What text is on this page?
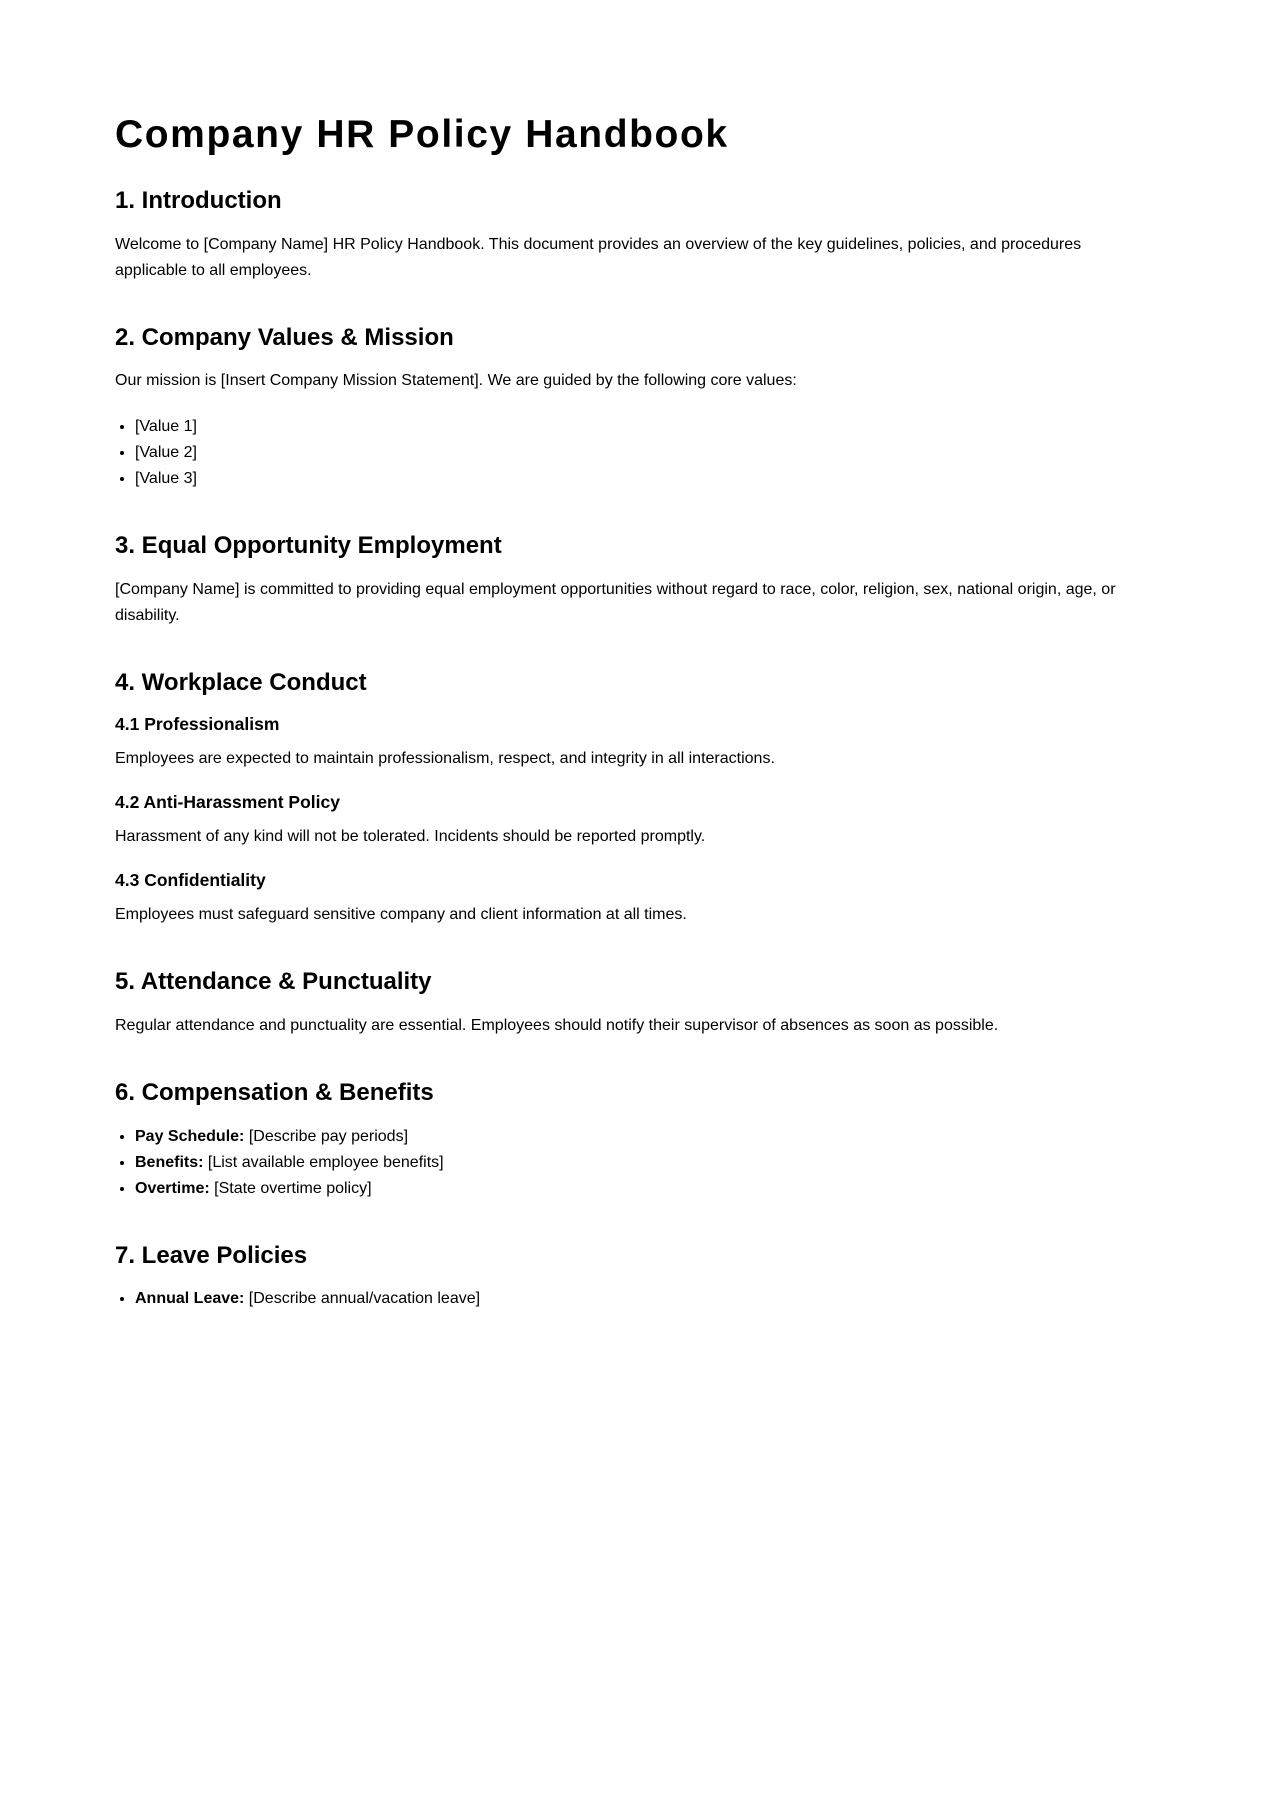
Company HR Policy Handbook
1. Introduction

Welcome to [Company Name] HR Policy Handbook. This document provides an overview of the key guidelines, policies, and procedures applicable to all employees.

2. Company Values & Mission

Our mission is [Insert Company Mission Statement]. We are guided by the following core values:

• [Value 1]
• [Value 2]
• [Value 3]
3. Equal Opportunity Employment

[Company Name] is committed to providing equal employment opportunities without regard to race, color, religion, sex, national origin, age, or disability.

4. Workplace Conduct
4.1 Professionalism

Employees are expected to maintain professionalism, respect, and integrity in all interactions.

4.2 Anti-Harassment Policy

Harassment of any kind will not be tolerated. Incidents should be reported promptly.

4.3 Confidentiality

Employees must safeguard sensitive company and client information at all times.

5. Attendance & Punctuality

Regular attendance and punctuality are essential. Employees should notify their supervisor of absences as soon as possible.

6. Compensation & Benefits
• Pay Schedule: [Describe pay periods]
• Benefits: [List available employee benefits]
• Overtime: [State overtime policy]
7. Leave Policies
• Annual Leave: [Describe annual/vacation leave]
